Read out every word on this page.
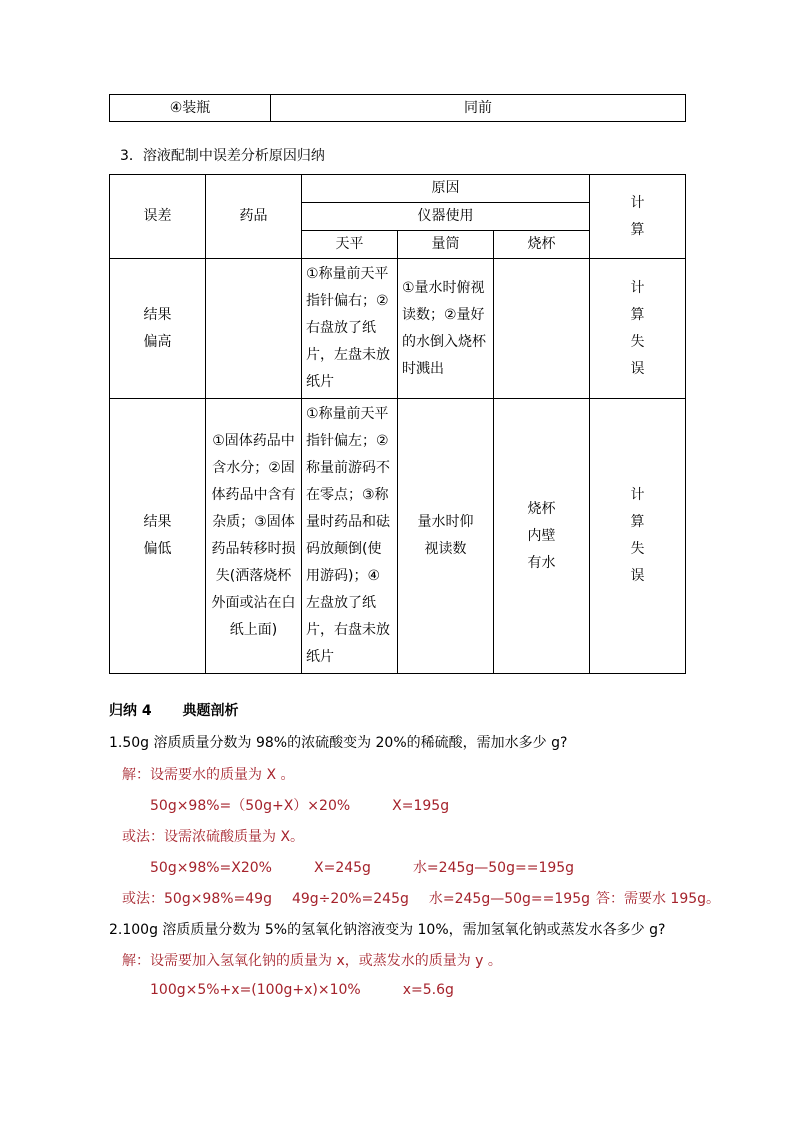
④装瓶	同前
3．溶液配制中误差分析原因归纳
误差	药品	原因			计算
		仪器使用			
		天平	量筒	烧杯	

结果偏高		①称量前天平指针偏右；②右盘放了纸片，左盘未放纸片	①量水时俯视读数；②量好的水倒入烧杯时溅出		计算失误

结果偏低	①固体药品中含水分；②固体药品中含有杂质；③固体药品转移时损失(洒落烧杯外面或沾在白纸上面)	①称量前天平指针偏左；②称量前游码不在零点；③称量时药品和砝码放颠倒(使用游码)；④左盘放了纸片，右盘未放纸片	量水时仰视读数	烧杯内壁有水	计算失误
归纳 4 典题剖析
1.50g 溶质质量分数为 98%的浓硫酸变为 20%的稀硫酸，需加水多少 g?
解：设需要水的质量为 X 。
50g×98%=（50g+X）×20%	X=195g
或法：设需浓硫酸质量为 X。
50g×98%=X20%	X=245g	水=245g—50g==195g
或法：50g×98%=49g 49g÷20%=245g 水=245g—50g==195g 答：需要水 195g。
2.100g 溶质质量分数为 5%的氢氧化钠溶液变为 10%，需加氢氧化钠或蒸发水各多少 g?
解：设需要加入氢氧化钠的质量为 x，或蒸发水的质量为 y 。
100g×5%+x=(100g+x)×10%	x=5.6g
